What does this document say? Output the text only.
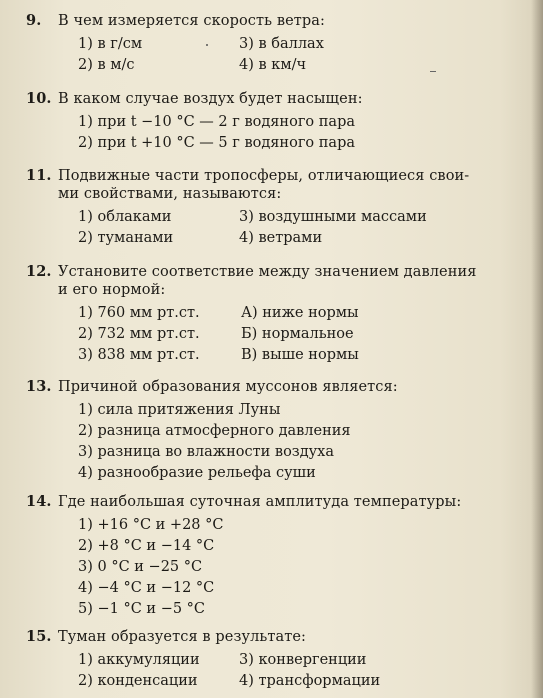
9. В чем измеряется скорость ветра:
1) в г/см	3) в баллах
2) в м/с	4) в км/ч
10. В каком случае воздух будет насыщен:
1) при t −10 °С — 2 г водяного пара
2) при t +10 °С — 5 г водяного пара
11. Подвижные части тропосферы, отличающиеся свои-
ми свойствами, называются:
1) облаками	3) воздушными массами
2) туманами	4) ветрами
12. Установите соответствие между значением давления
и его нормой:
1) 760 мм рт.ст.	А) ниже нормы
2) 732 мм рт.ст.	Б) нормальное
3) 838 мм рт.ст.	В) выше нормы
13. Причиной образования муссонов является:
1) сила притяжения Луны
2) разница атмосферного давления
3) разница во влажности воздуха
4) разнообразие рельефа суши
14. Где наибольшая суточная амплитуда температуры:
1) +16 °С и +28 °С
2) +8 °С и −14 °С
3) 0 °С и −25 °С
4) −4 °С и −12 °С
5) −1 °С и −5 °С
15. Туман образуется в результате:
1) аккумуляции	3) конвергенции
2) конденсации	4) трансформации
